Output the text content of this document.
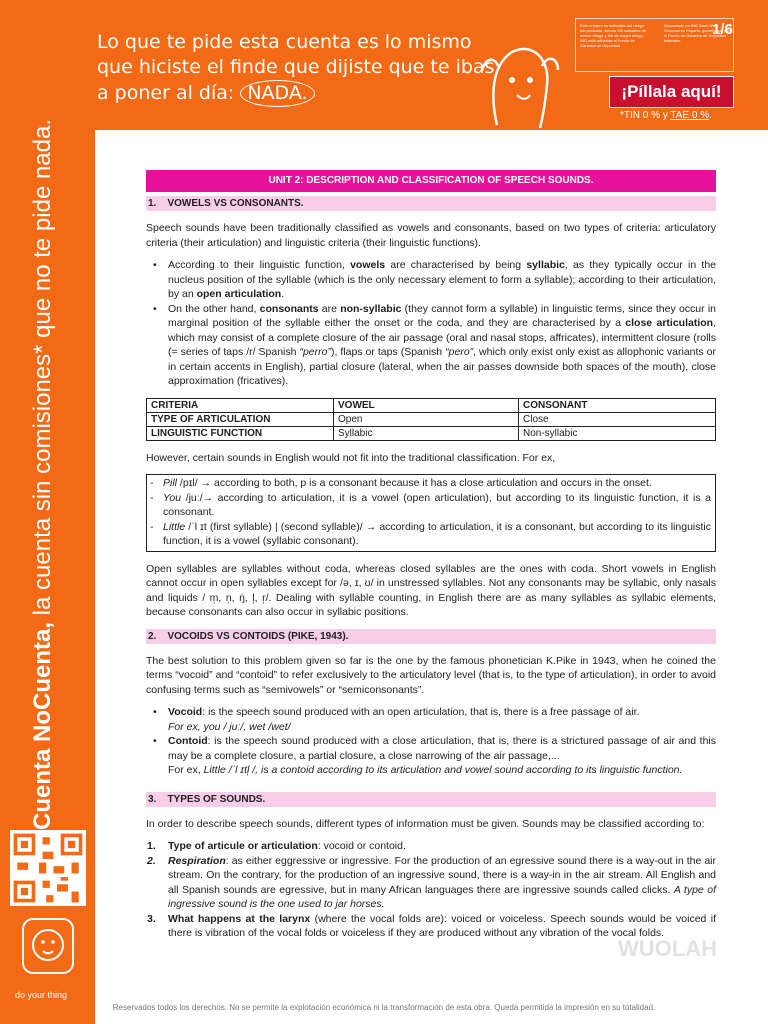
Lo que te pide esta cuenta es lo mismo que hiciste el finde que dijiste que te ibas a poner al día: NADA.
Este número es indicativo del riesgo del producto, siendo 1/6 indicativo de menor riesgo y 6/6 de mayor riesgo. ING está adherida al Fondo de Garantía de Depósitos.
Depositado en ING Bank NV, Sucursal en España, garantizado por el Fondo de Garantía de Depósitos holandés.
1/6
¡Píllala aquí!
*TIN 0 % y TAE 0 %.
Cuenta NoCuenta, la cuenta sin comisiones* que no te pide nada.
do your thing
UNIT 2: DESCRIPTION AND CLASSIFICATION OF SPEECH SOUNDS.
1.    VOWELS VS CONSONANTS.

Speech sounds have been traditionally classified as vowels and consonants, based on two types of criteria: articulatory criteria (their articulation) and linguistic criteria (their linguistic functions).

• According to their linguistic function, vowels are characterised by being syllabic, as they typically occur in the nucleus position of the syllable (which is the only necessary element to form a syllable); according to their articulation, by an open articulation.
• On the other hand, consonants are non-syllabic (they cannot form a syllable) in linguistic terms, since they occur in marginal position of the syllable either the onset or the coda, and they are characterised by a close articulation, which may consist of a complete closure of the air passage (oral and nasal stops, affricates), intermittent closure (rolls (= series of taps /r/ Spanish “perro”), flaps or taps (Spanish “pero”, which only exist only exist as allophonic variants or in certain accents in English), partial closure (lateral, when the air passes downside both spaces of the mouth), close approximation (fricatives).
CRITERIA	VOWEL	CONSONANT
TYPE OF ARTICULATION	Open	Close
LINGUISTIC FUNCTION	Syllabic	Non-syllabic

However, certain sounds in English would not fit into the traditional classification. For ex,

- Pill /pɪl/ → according to both, p is a consonant because it has a close articulation and occurs in the onset.
- You /juː/→ according to articulation, it is a vowel (open articulation), but according to its linguistic function, it is a consonant.
- Little /ˈl ɪt (first syllable) | (second syllable)/ → according to articulation, it is a consonant, but according to its linguistic function, it is a vowel (syllabic consonant).

Open syllables are syllables without coda, whereas closed syllables are the ones with coda. Short vowels in English cannot occur in open syllables except for /ə, ɪ, ʊ/ in unstressed syllables. Not any consonants may be syllabic, only nasals and liquids / m̩, n̩, ŋ̍, l̩, r̩/. Dealing with syllable counting, in English there are as many syllables as syllabic elements, because consonants can also occur in syllabic positions.

2.    VOCOIDS VS CONTOIDS (PIKE, 1943).

The best solution to this problem given so far is the one by the famous phonetician K.Pike in 1943, when he coined the terms “vocoid” and “contoid” to refer exclusively to the articulatory level (that is, to the type of articulation), in order to avoid confusing terms such as “semivowels” or “semiconsonants”.

• Vocoid: is the speech sound produced with an open articulation, that is, there is a free passage of air.
For ex, you / juː/, wet /wet/
• Contoid: is the speech sound produced with a close articulation, that is, there is a strictured passage of air and this may be a complete closure, a partial closure, a close narrowing of the air passage,...
For ex, Little /ˈl ɪtl̩ /, is a contoid according to its articulation and vowel sound according to its linguistic function.
3.    TYPES OF SOUNDS.

In order to describe speech sounds, different types of information must be given. Sounds may be classified according to:

1. Type of articule or articulation: vocoid or contoid.
2. Respiration: as either eggressive or ingressive. For the production of an egressive sound there is a way-out in the air stream. On the contrary, for the production of an ingressive sound, there is a way-in in the air stream. All English and all Spanish sounds are egressive, but in many African languages there are ingressive sounds called clicks. A type of ingressive sound is the one used to jar horses.
3. What happens at the larynx (where the vocal folds are): voiced or voiceless. Speech sounds would be voiced if there is vibration of the vocal folds or voiceless if they are produced without any vibration of the vocal folds.
WUOLAH
Reservados todos los derechos. No se permite la explotación económica ni la transformación de esta obra. Queda permitida la impresión en su totalidad.
